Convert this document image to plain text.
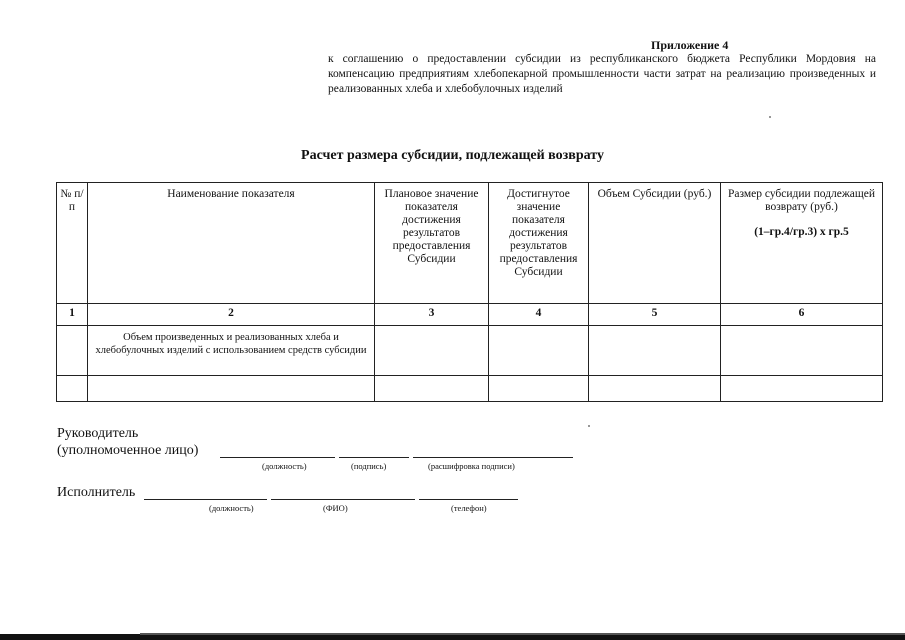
Приложение 4
к соглашению о предоставлении субсидии из республиканского бюджета Республики Мордовия на компенсацию предприятиям хлебопекарной промышленности части затрат на реализацию произведенных и реализованных хлеба и хлебобулочных изделий
Расчет размера субсидии, подлежащей возврату
№ п/п	Наименование показателя	Плановое значение показателя достижения результатов предоставления Субсидии	Достигнутое значение показателя достижения результатов предоставления Субсидии	Объем Субсидии (руб.)	Размер субсидии подлежащей возврату (руб.)
(1–гр.4/гр.3) х гр.5

1	2	3	4	5	6
	Объем произведенных и реализованных хлеба и хлебобулочных изделий с использованием средств субсидии				

Руководитель
(уполномоченное лицо)
(должность)	(подпись)	(расшифровка подписи)
Исполнитель
(должность)	(ФИО)	(телефон)
